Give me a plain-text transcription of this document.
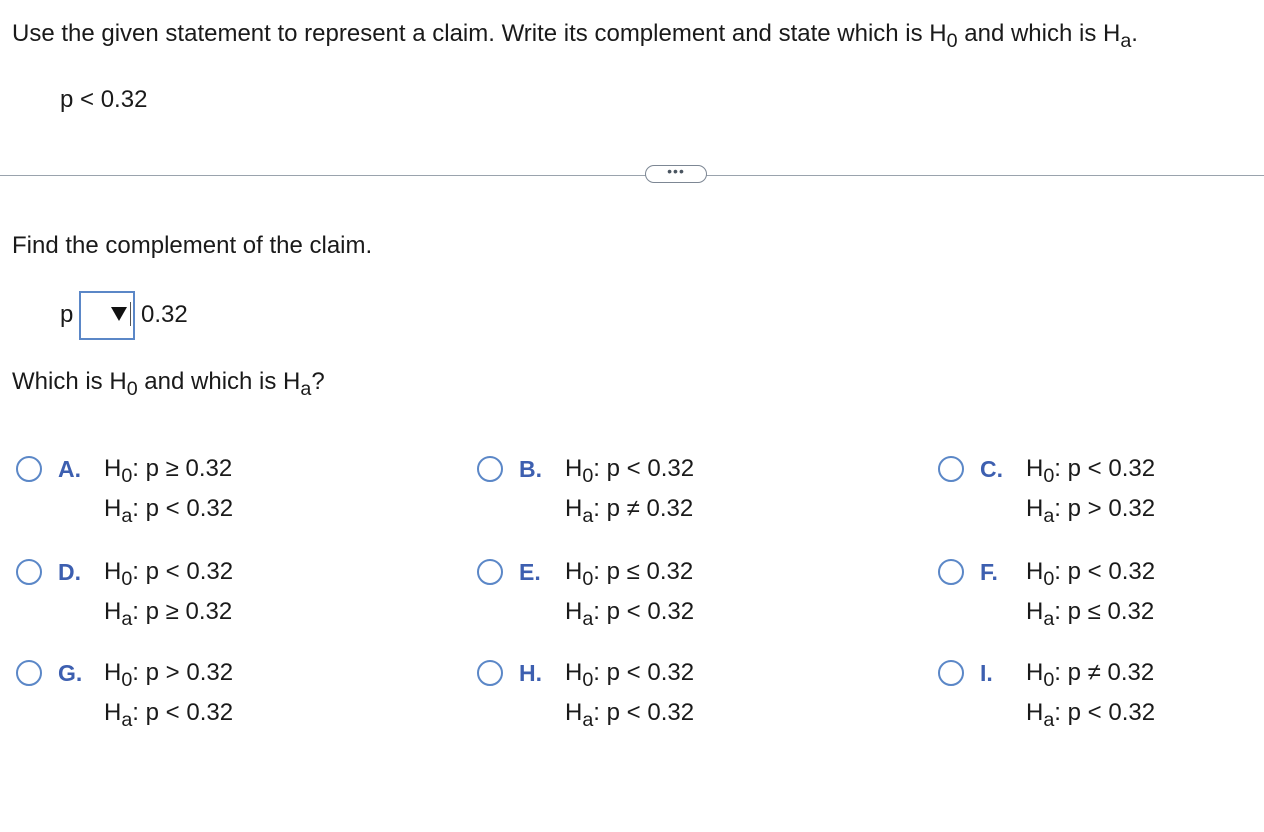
Use the given statement to represent a claim. Write its complement and state which is $H_0$ and which is $H_a$.
p < 0.32
•••
Find the complement of the claim.
p	0.32
Which is $H_0$ and which is $H_a$?
A. $H_0$: p ≥ 0.32
$H_a$: p < 0.32
B. $H_0$: p < 0.32
$H_a$: p ≠ 0.32
C. $H_0$: p < 0.32
$H_a$: p > 0.32
D. $H_0$: p < 0.32
$H_a$: p ≥ 0.32
E. $H_0$: p ≤ 0.32
$H_a$: p < 0.32
F. $H_0$: p < 0.32
$H_a$: p ≤ 0.32
G. $H_0$: p > 0.32
$H_a$: p < 0.32
H. $H_0$: p < 0.32
$H_a$: p < 0.32
I. $H_0$: p ≠ 0.32
$H_a$: p < 0.32
